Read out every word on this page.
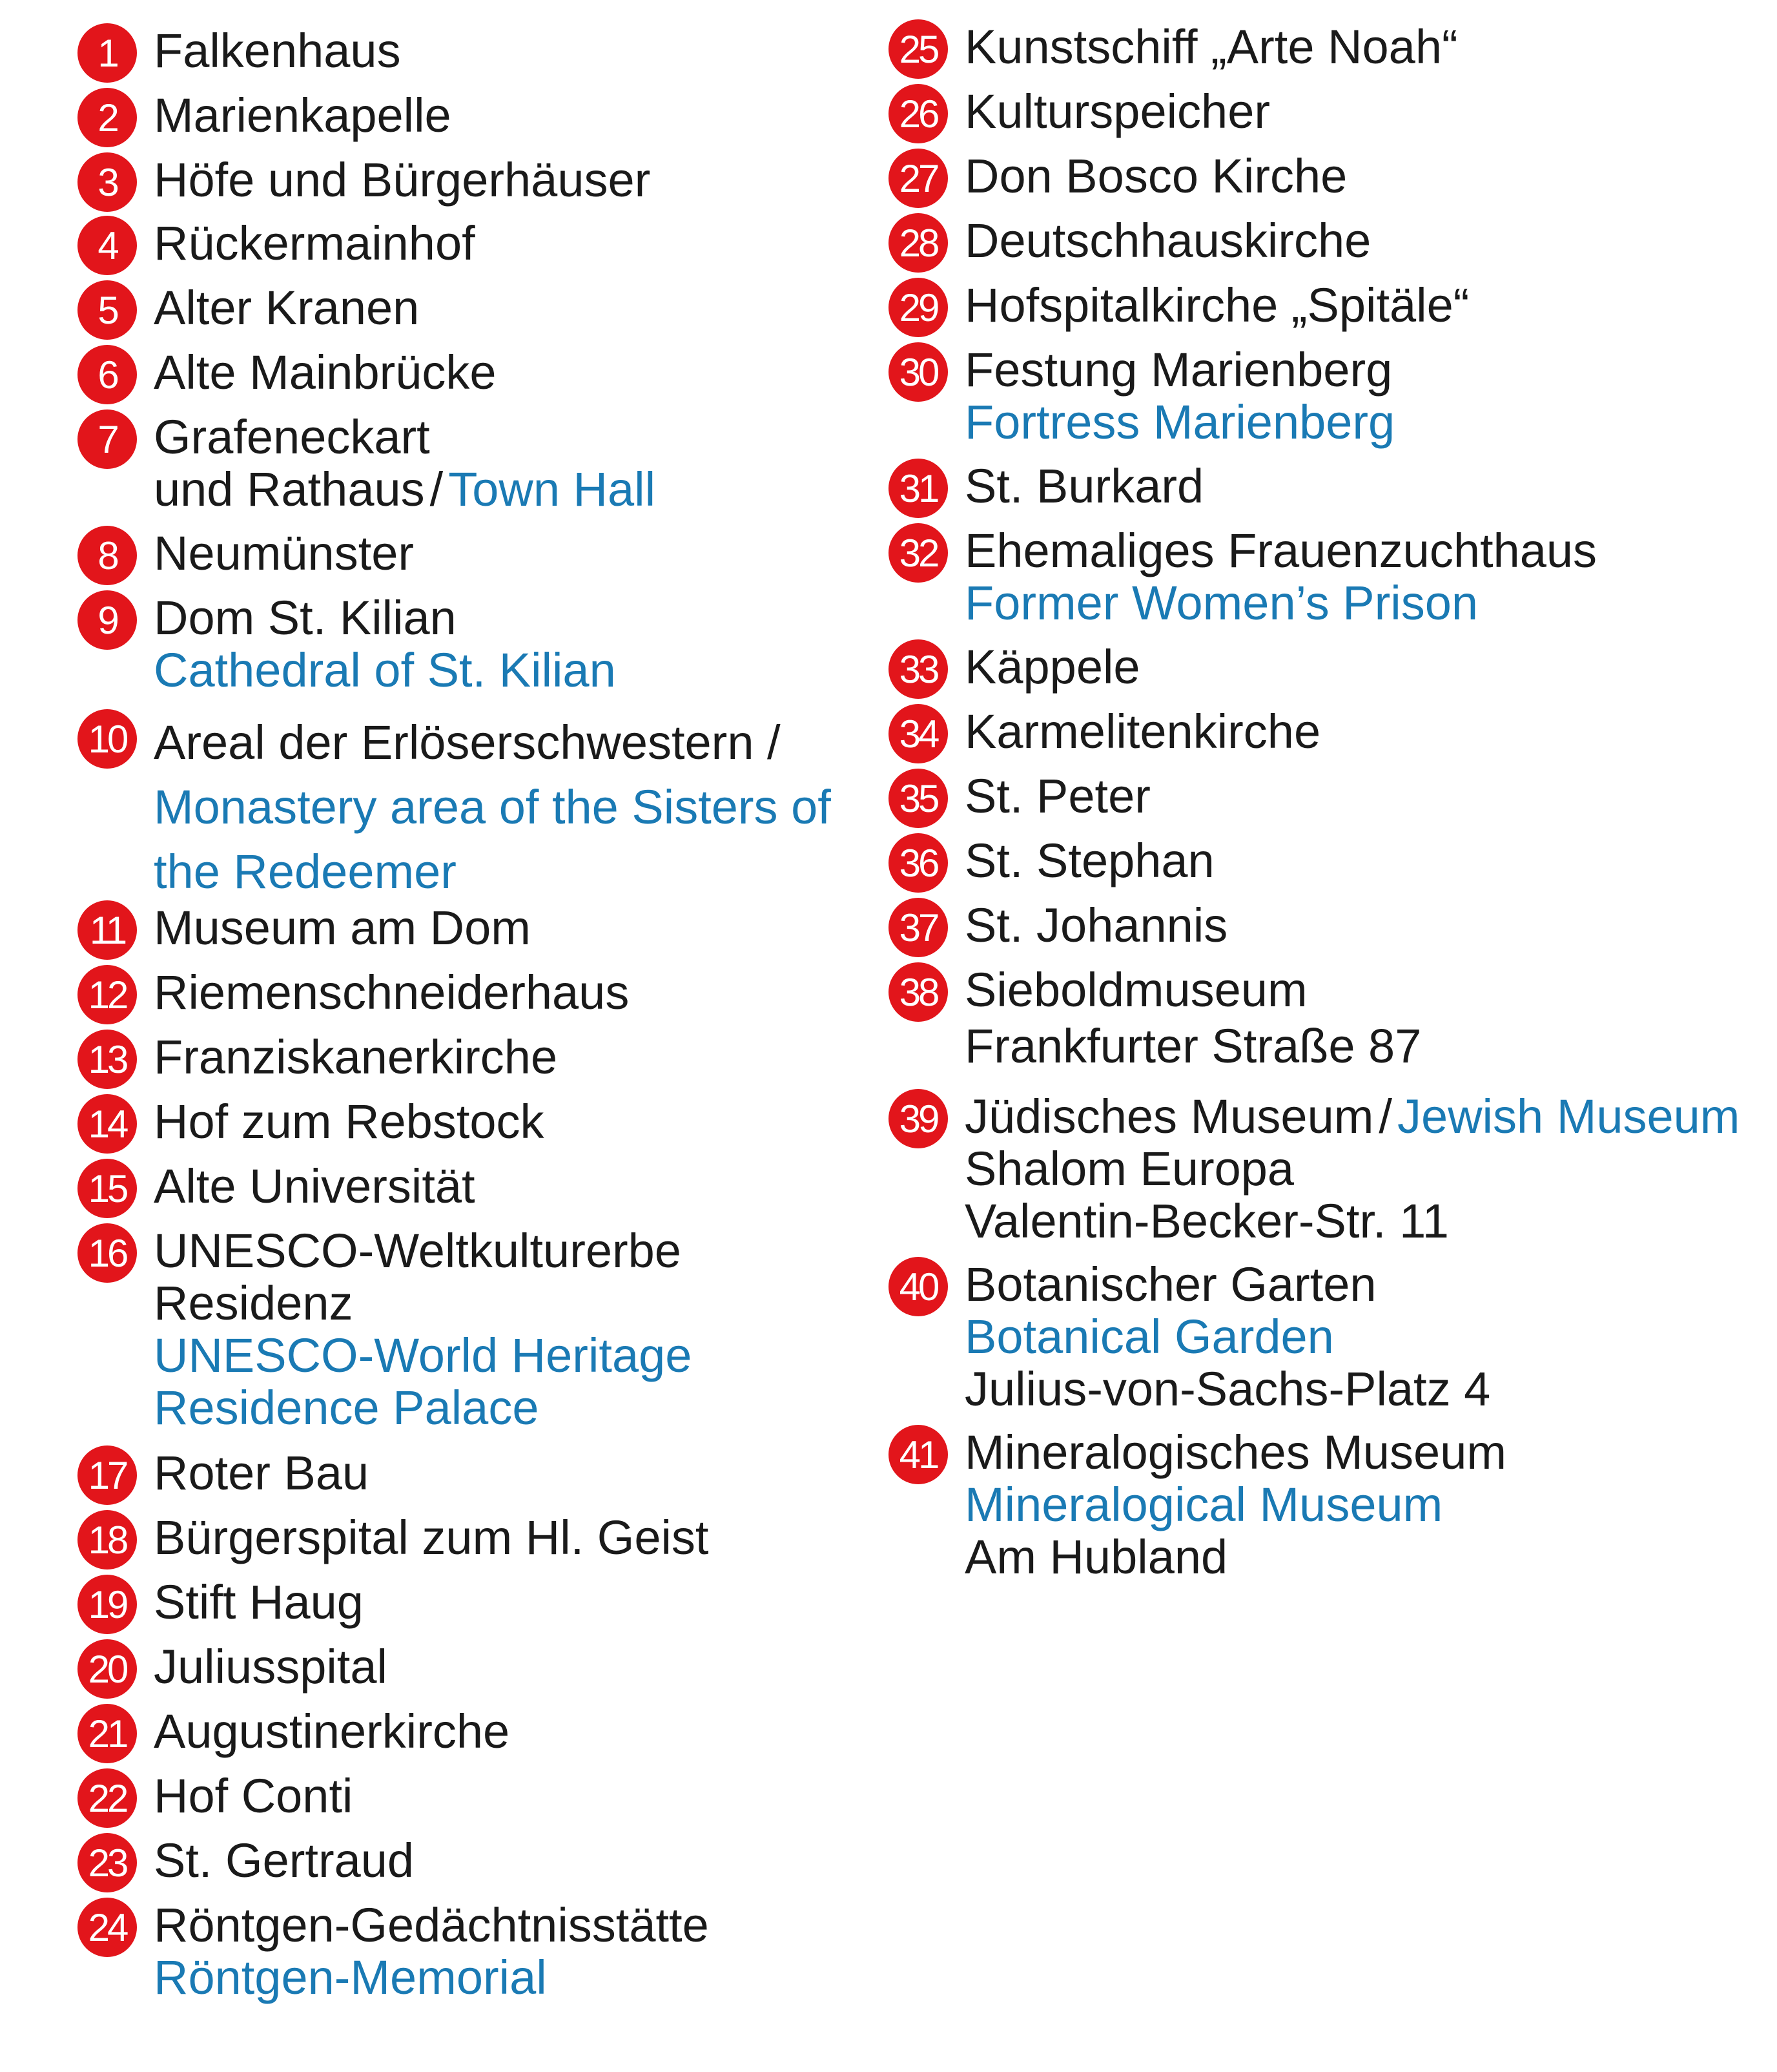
1 Falkenhaus
2 Marienkapelle
3 Höfe und Bürgerhäuser
4 Rückermainhof
5 Alter Kranen
6 Alte Mainbrücke
7 Grafeneckart
und Rathaus / Town Hall
8 Neumünster
9 Dom St. Kilian
Cathedral of St. Kilian
10 Areal der Erlöserschwestern /
Monastery area of the Sisters of
the Redeemer
11 Museum am Dom
12 Riemenschneiderhaus
13 Franziskanerkirche
14 Hof zum Rebstock
15 Alte Universität
16 UNESCO-Weltkulturerbe
Residenz
UNESCO-World Heritage
Residence Palace
17 Roter Bau
18 Bürgerspital zum Hl. Geist
19 Stift Haug
20 Juliusspital
21 Augustinerkirche
22 Hof Conti
23 St. Gertraud
24 Röntgen-Gedächtnisstätte
Röntgen-Memorial
25 Kunstschiff „Arte Noah“
26 Kulturspeicher
27 Don Bosco Kirche
28 Deutschhauskirche
29 Hofspitalkirche „Spitäle“
30 Festung Marienberg
Fortress Marienberg
31 St. Burkard
32 Ehemaliges Frauenzuchthaus
Former Women’s Prison
33 Käppele
34 Karmelitenkirche
35 St. Peter
36 St. Stephan
37 St. Johannis
38 Sieboldmuseum
Frankfurter Straße 87
39 Jüdisches Museum / Jewish Museum
Shalom Europa
Valentin-Becker-Str. 11
40 Botanischer Garten
Botanical Garden
Julius-von-Sachs-Platz 4
41 Mineralogisches Museum
Mineralogical Museum
Am Hubland
